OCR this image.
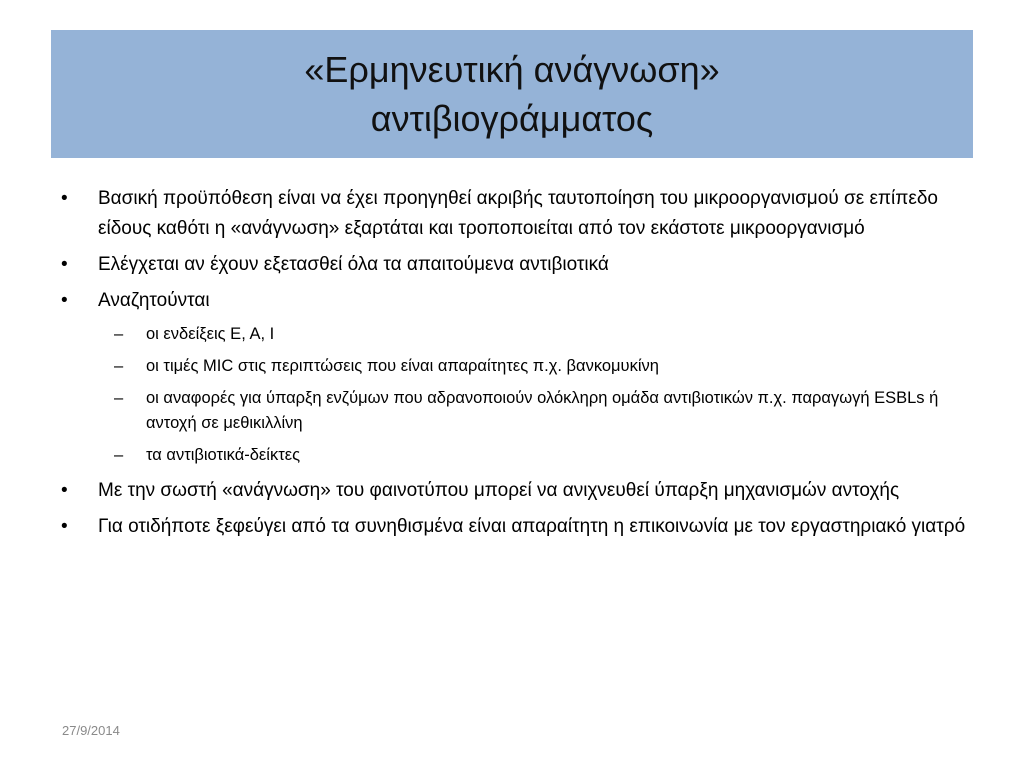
«Ερμηνευτική ανάγνωση»
αντιβιογράμματος
•	Βασική προϋπόθεση είναι να έχει προηγηθεί ακριβής ταυτοποίηση του μικροοργανισμού σε επίπεδο είδους καθότι η «ανάγνωση» εξαρτάται και τροποποιείται από τον εκάστοτε μικροοργανισμό
•	Ελέγχεται αν έχουν εξετασθεί όλα τα απαιτούμενα αντιβιοτικά
•	Αναζητούνται
– οι ενδείξεις Ε, Α, Ι
– οι τιμές MIC στις περιπτώσεις που είναι απαραίτητες π.χ. βανκομυκίνη
– οι αναφορές για ύπαρξη ενζύμων που αδρανοποιούν ολόκληρη ομάδα αντιβιοτικών π.χ. παραγωγή ESBLs ή αντοχή σε μεθικιλλίνη
– τα αντιβιοτικά-δείκτες
•	Με την σωστή «ανάγνωση» του φαινοτύπου μπορεί να ανιχνευθεί ύπαρξη μηχανισμών αντοχής
•	Για οτιδήποτε ξεφεύγει από τα συνηθισμένα είναι απαραίτητη η επικοινωνία με τον εργαστηριακό γιατρό
27/9/2014
